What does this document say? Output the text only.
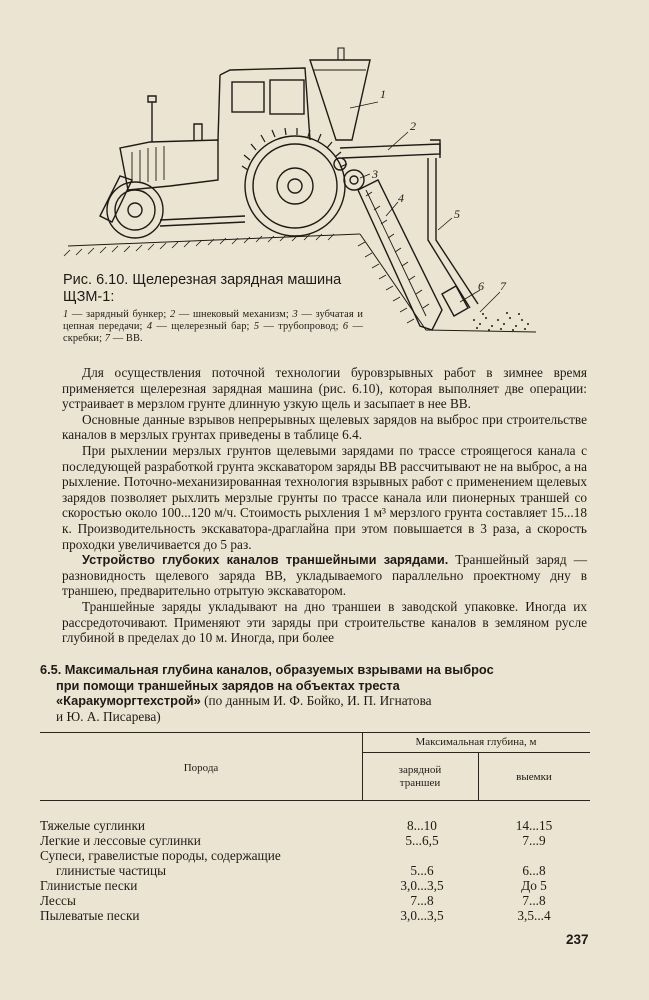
1
2
3
4
5
6 7

Рис. 6.10. Щелерезная зарядная машина ЩЗМ-1:

1 — зарядный бункер; 2 — шнековый механизм; 3 — зубчатая и цепная передачи; 4 — щелерезный бар; 5 — трубопровод; 6 — скребки; 7 — ВВ.

Для осуществления поточной технологии буровзрывных работ в зимнее время применяется щелерезная зарядная машина (рис. 6.10), которая выполняет две операции: устраивает в мерзлом грунте длинную узкую щель и засыпает в нее ВВ.

Основные данные взрывов непрерывных щелевых зарядов на выброс при строительстве каналов в мерзлых грунтах приведены в таблице 6.4.

При рыхлении мерзлых грунтов щелевыми зарядами по трассе строящегося канала с последующей разработкой грунта экскаватором заряды ВВ рассчитывают не на выброс, а на рыхление. Поточно-механизированная технология взрывных работ с применением щелевых зарядов позволяет рыхлить мерзлые грунты по трассе канала или пионерных траншей со скоростью около 100...120 м/ч. Стоимость рыхления 1 м³ мерзлого грунта составляет 15...18 к. Производительность экскаватора-драглайна при этом повышается в 3 раза, а скорость проходки увеличивается до 5 раз.

Устройство глубоких каналов траншейными зарядами. Траншейный заряд — разновидность щелевого заряда ВВ, укладываемого параллельно проектному дну в траншею, предварительно отрытую экскаватором.

Траншейные заряды укладывают на дно траншеи в заводской упаковке. Иногда их рассредоточивают. Применяют эти заряды при строительстве каналов в земляном русле глубиной в пределах до 10 м. Иногда, при более

6.5. Максимальная глубина каналов, образуемых взрывами на выброс
при помощи траншейных зарядов на объектах треста
«Каракуморгтехстрой» (по данным И. Ф. Бойко, И. П. Игнатова
и Ю. А. Писарева)
Порода
Максимальная глубина, м
зарядной
траншеи	выемки
Тяжелые суглинки	8...10	14...15
Легкие и лессовые суглинки	5...6,5	7...9
Супеси, гравелистые породы, содержащие
глинистые частицы	5...6	6...8
Глинистые пески	3,0...3,5	До 5
Лессы	7...8	7...8
Пылеватые пески	3,0...3,5	3,5...4
237
